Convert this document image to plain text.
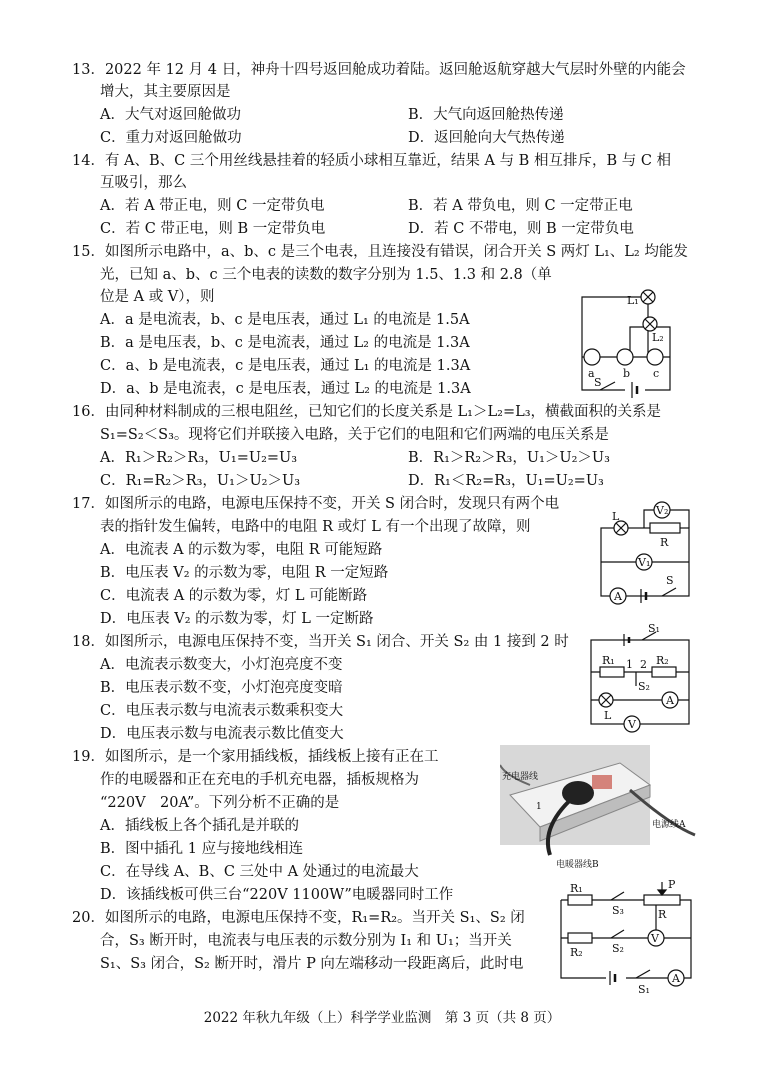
13．2022 年 12 月 4 日，神舟十四号返回舱成功着陆。返回舱返航穿越大气层时外壁的内能会
增大，其主要原因是
A．大气对返回舱做功	B．大气向返回舱热传递
C．重力对返回舱做功	D．返回舱向大气热传递
14．有 A、B、C 三个用丝线悬挂着的轻质小球相互靠近，结果 A 与 B 相互排斥，B 与 C 相
互吸引，那么
A．若 A 带正电，则 C 一定带负电	B．若 A 带负电，则 C 一定带正电
C．若 C 带正电，则 B 一定带负电	D．若 C 不带电，则 B 一定带负电
15．如图所示电路中，a、b、c 是三个电表，且连接没有错误，闭合开关 S 两灯 L₁、L₂ 均能发
光，已知 a、b、c 三个电表的读数的数字分别为 1.5、1.3 和 2.8（单
位是 A 或 V），则
A．a 是电流表，b、c 是电压表，通过 L₁ 的电流是 1.5A
B．a 是电压表，b、c 是电流表，通过 L₂ 的电流是 1.3A
C．a、b 是电流表，c 是电压表，通过 L₁ 的电流是 1.3A
D．a、b 是电流表，c 是电压表，通过 L₂ 的电流是 1.3A
16．由同种材料制成的三根电阻丝，已知它们的长度关系是 L₁＞L₂=L₃，横截面积的关系是
S₁=S₂＜S₃。现将它们并联接入电路，关于它们的电阻和它们两端的电压关系是
A．R₁＞R₂＞R₃，U₁=U₂=U₃	B．R₁＞R₂＞R₃，U₁＞U₂＞U₃
C．R₁=R₂＞R₃，U₁＞U₂＞U₃	D．R₁＜R₂=R₃，U₁=U₂=U₃
17．如图所示的电路，电源电压保持不变，开关 S 闭合时，发现只有两个电
表的指针发生偏转，电路中的电阻 R 或灯 L 有一个出现了故障，则
A．电流表 A 的示数为零，电阻 R 可能短路
B．电压表 V₂ 的示数为零，电阻 R 一定短路
C．电流表 A 的示数为零，灯 L 可能断路
D．电压表 V₂ 的示数为零，灯 L 一定断路
18．如图所示，电源电压保持不变，当开关 S₁ 闭合、开关 S₂ 由 1 接到 2 时
A．电流表示数变大，小灯泡亮度不变
B．电压表示数不变，小灯泡亮度变暗
C．电压表示数与电流表示数乘积变大
D．电压表示数与电流表示数比值变大
19．如图所示，是一个家用插线板，插线板上接有正在工
作的电暖器和正在充电的手机充电器，插板规格为
“220V　20A”。下列分析不正确的是
A．插线板上各个插孔是并联的
B．图中插孔 1 应与接地线相连
C．在导线 A、B、C 三处中 A 处通过的电流最大
D．该插线板可供三台“220V 1100W”电暖器同时工作
20．如图所示的电路，电源电压保持不变，R₁=R₂。当开关 S₁、S₂ 闭
合，S₃ 断开时，电流表与电压表的示数分别为 I₁ 和 U₁；当开关
S₁、S₃ 闭合，S₂ 断开时，滑片 P 向左端移动一段距离后，此时电
L₁
L₂
a	b c
S
L	V₂
R
V₁
A
S
S₁
R₁ 1 2 R₂
S₂
A
L
V
充电器线
电源线A
电暖器线B
1
R₁
S₃
P
R
R₂	S₂
V
S₁
A
2022 年秋九年级（上）科学学业监测　第 3 页（共 8 页）
